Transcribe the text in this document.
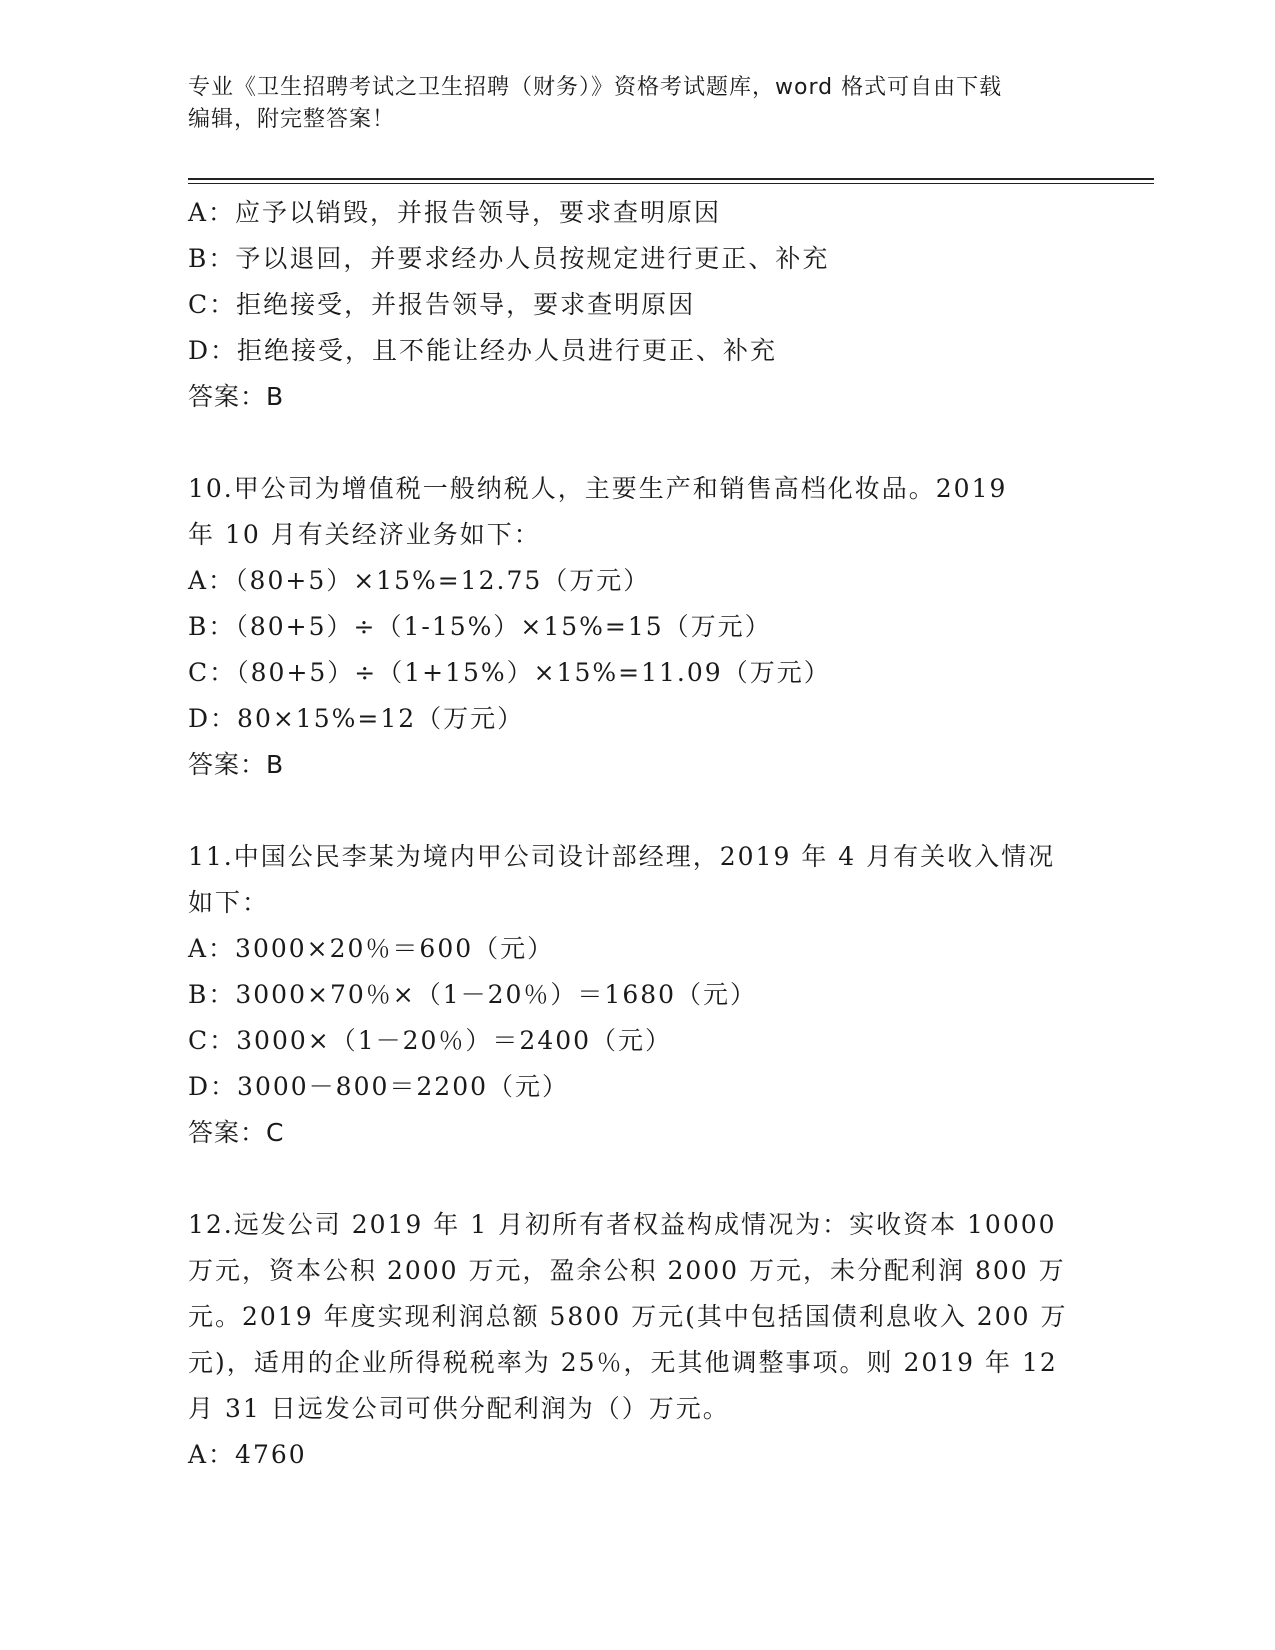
专业《卫生招聘考试之卫生招聘（财务）》资格考试题库，word 格式可自由下载
编辑，附完整答案！
A：应予以销毁，并报告领导，要求查明原因
B：予以退回，并要求经办人员按规定进行更正、补充
C：拒绝接受，并报告领导，要求查明原因
D：拒绝接受，且不能让经办人员进行更正、补充
答案：B
10.甲公司为增值税一般纳税人，主要生产和销售高档化妆品。2019
年 10 月有关经济业务如下：
A：（80+5）×15%=12.75（万元）
B：（80+5）÷（1-15%）×15%=15（万元）
C：（80+5）÷（1+15%）×15%=11.09（万元）
D：80×15%=12（万元）
答案：B
11.中国公民李某为境内甲公司设计部经理，2019 年 4 月有关收入情况
如下：
A：3000×20％＝600（元）
B：3000×70％×（1－20％）＝1680（元）
C：3000×（1－20％）＝2400（元）
D：3000－800＝2200（元）
答案：C
12.远发公司 2019 年 1 月初所有者权益构成情况为：实收资本 10000
万元，资本公积 2000 万元，盈余公积 2000 万元，未分配利润 800 万
元。2019 年度实现利润总额 5800 万元(其中包括国债利息收入 200 万
元)，适用的企业所得税税率为 25％，无其他调整事项。则 2019 年 12
月 31 日远发公司可供分配利润为（）万元。
A：4760
